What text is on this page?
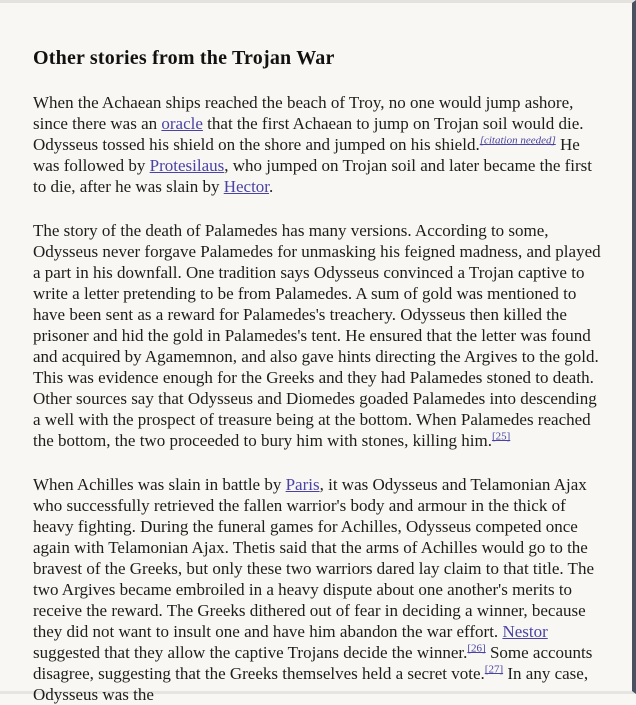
Other stories from the Trojan War

When the Achaean ships reached the beach of Troy, no one would jump ashore, since there was an oracle that the first Achaean to jump on Trojan soil would die. Odysseus tossed his shield on the shore and jumped on his shield.[citation needed] He was followed by Protesilaus, who jumped on Trojan soil and later became the first to die, after he was slain by Hector.

The story of the death of Palamedes has many versions. According to some, Odysseus never forgave Palamedes for unmasking his feigned madness, and played a part in his downfall. One tradition says Odysseus convinced a Trojan captive to write a letter pretending to be from Palamedes. A sum of gold was mentioned to have been sent as a reward for Palamedes's treachery. Odysseus then killed the prisoner and hid the gold in Palamedes's tent. He ensured that the letter was found and acquired by Agamemnon, and also gave hints directing the Argives to the gold. This was evidence enough for the Greeks and they had Palamedes stoned to death. Other sources say that Odysseus and Diomedes goaded Palamedes into descending a well with the prospect of treasure being at the bottom. When Palamedes reached the bottom, the two proceeded to bury him with stones, killing him.[25]

When Achilles was slain in battle by Paris, it was Odysseus and Telamonian Ajax who successfully retrieved the fallen warrior's body and armour in the thick of heavy fighting. During the funeral games for Achilles, Odysseus competed once again with Telamonian Ajax. Thetis said that the arms of Achilles would go to the bravest of the Greeks, but only these two warriors dared lay claim to that title. The two Argives became embroiled in a heavy dispute about one another's merits to receive the reward. The Greeks dithered out of fear in deciding a winner, because they did not want to insult one and have him abandon the war effort. Nestor suggested that they allow the captive Trojans decide the winner.[26] Some accounts disagree, suggesting that the Greeks themselves held a secret vote.[27] In any case, Odysseus was the
